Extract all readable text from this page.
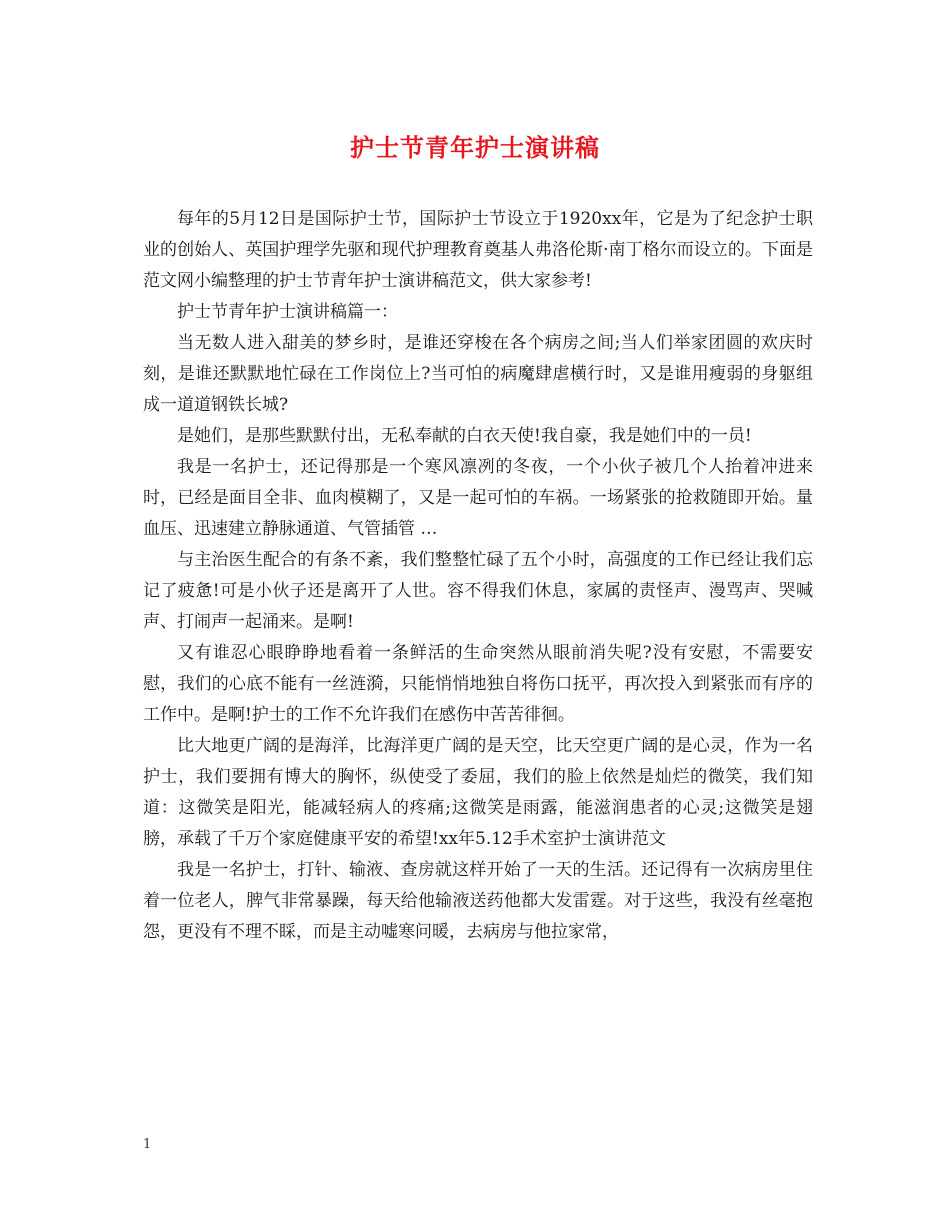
护士节青年护士演讲稿

每年的5月12日是国际护士节，国际护士节设立于1920xx年，它是为了纪念护士职业的创始人、英国护理学先驱和现代护理教育奠基人弗洛伦斯·南丁格尔而设立的。下面是范文网小编整理的护士节青年护士演讲稿范文，供大家参考!

护士节青年护士演讲稿篇一：

当无数人进入甜美的梦乡时，是谁还穿梭在各个病房之间;当人们举家团圆的欢庆时刻，是谁还默默地忙碌在工作岗位上?当可怕的病魔肆虐横行时，又是谁用瘦弱的身躯组成一道道钢铁长城?

是她们，是那些默默付出，无私奉献的白衣天使!我自豪，我是她们中的一员!

我是一名护士，还记得那是一个寒风凛冽的冬夜，一个小伙子被几个人抬着冲进来时，已经是面目全非、血肉模糊了，又是一起可怕的车祸。一场紧张的抢救随即开始。量血压、迅速建立静脉通道、气管插管 …

与主治医生配合的有条不紊，我们整整忙碌了五个小时，高强度的工作已经让我们忘记了疲惫!可是小伙子还是离开了人世。容不得我们休息，家属的责怪声、漫骂声、哭喊声、打闹声一起涌来。是啊!

又有谁忍心眼睁睁地看着一条鲜活的生命突然从眼前消失呢?没有安慰，不需要安慰，我们的心底不能有一丝涟漪，只能悄悄地独自将伤口抚平，再次投入到紧张而有序的工作中。是啊!护士的工作不允许我们在感伤中苦苦徘徊。

比大地更广阔的是海洋，比海洋更广阔的是天空，比天空更广阔的是心灵，作为一名护士，我们要拥有博大的胸怀，纵使受了委屈，我们的脸上依然是灿烂的微笑，我们知道：这微笑是阳光，能减轻病人的疼痛;这微笑是雨露，能滋润患者的心灵;这微笑是翅膀，承载了千万个家庭健康平安的希望!xx年5.12手术室护士演讲范文

我是一名护士，打针、输液、查房就这样开始了一天的生活。还记得有一次病房里住着一位老人，脾气非常暴躁，每天给他输液送药他都大发雷霆。对于这些，我没有丝毫抱怨，更没有不理不睬，而是主动嘘寒问暖，去病房与他拉家常，

1
